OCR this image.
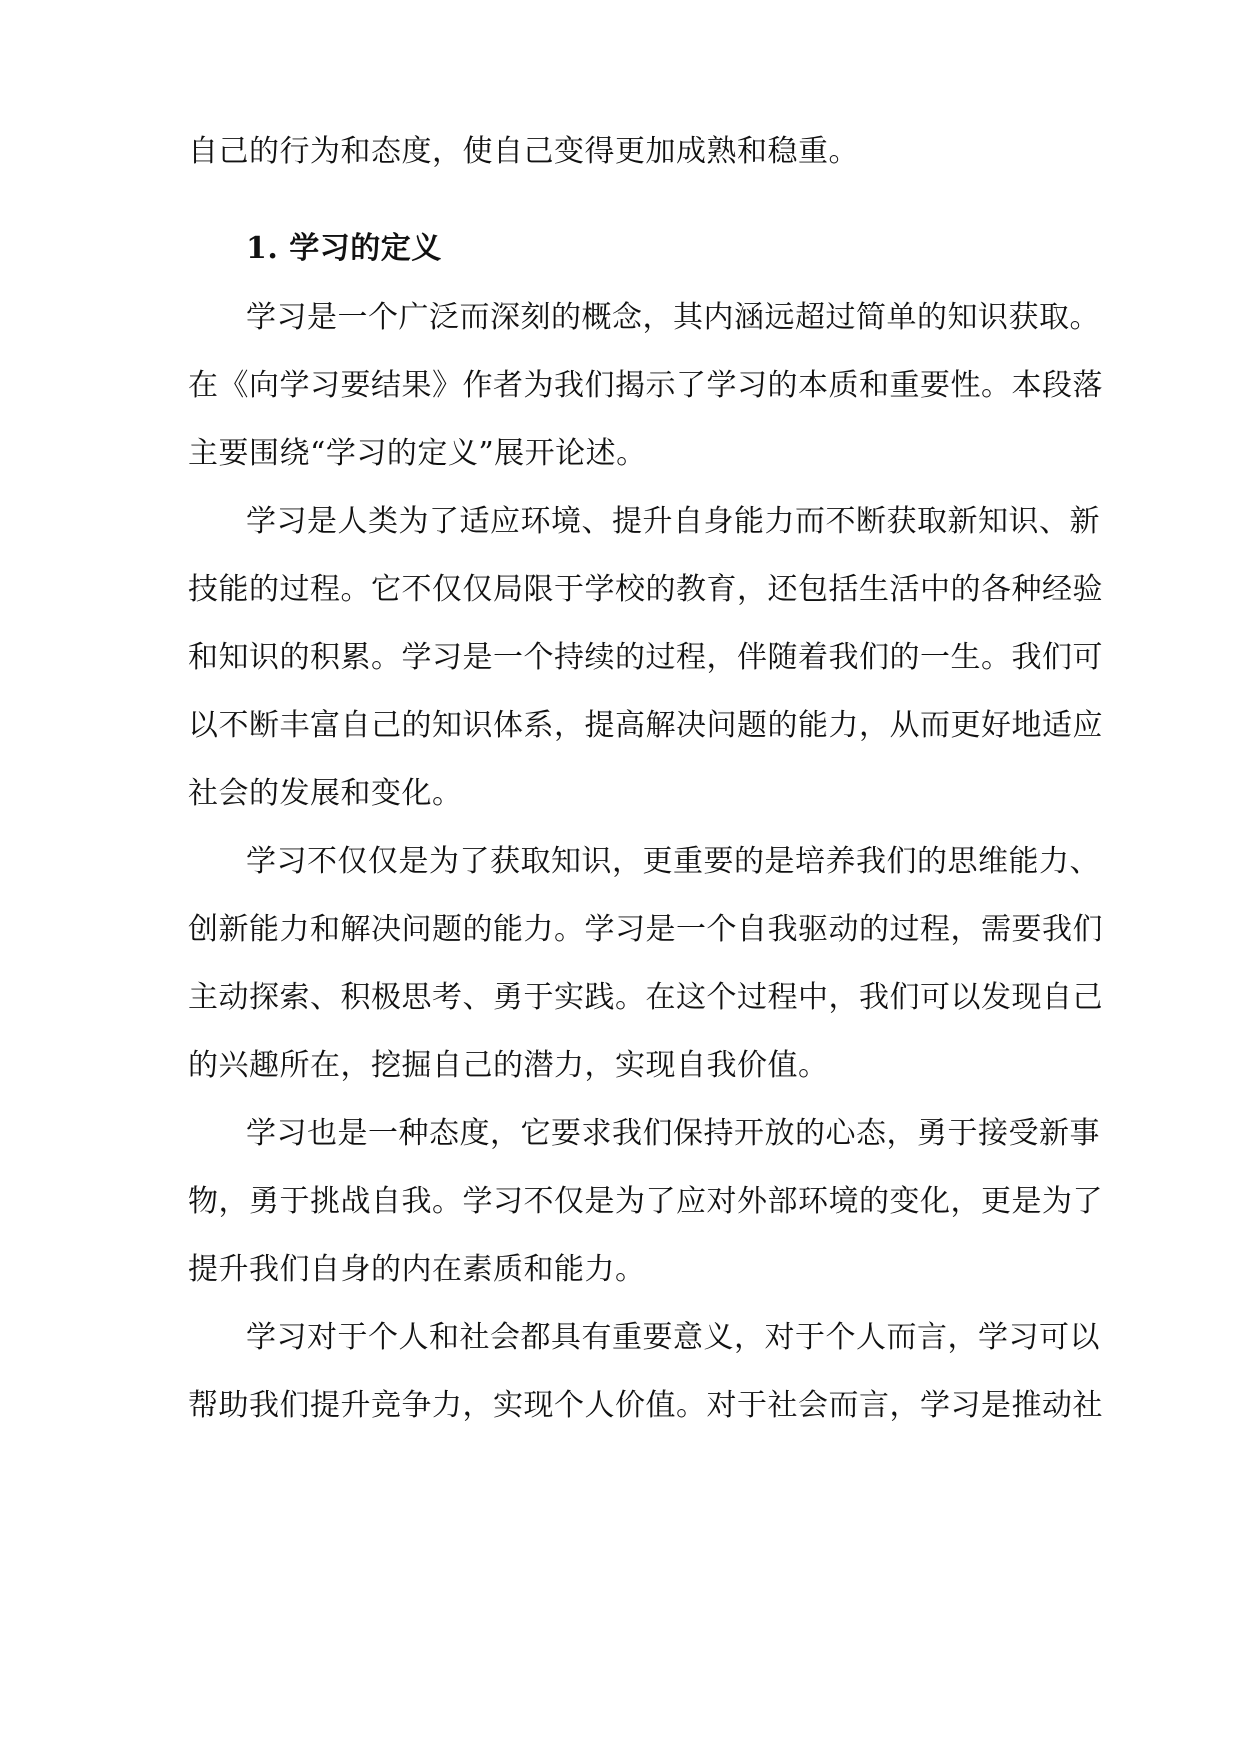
自己的行为和态度，使自己变得更加成熟和稳重。
1. 学习的定义
学习是一个广泛而深刻的概念，其内涵远超过简单的知识获取。
在《向学习要结果》作者为我们揭示了学习的本质和重要性。本段落
主要围绕“学习的定义”展开论述。
学习是人类为了适应环境、提升自身能力而不断获取新知识、新
技能的过程。它不仅仅局限于学校的教育，还包括生活中的各种经验
和知识的积累。学习是一个持续的过程，伴随着我们的一生。我们可
以不断丰富自己的知识体系，提高解决问题的能力，从而更好地适应
社会的发展和变化。
学习不仅仅是为了获取知识，更重要的是培养我们的思维能力、
创新能力和解决问题的能力。学习是一个自我驱动的过程，需要我们
主动探索、积极思考、勇于实践。在这个过程中，我们可以发现自己
的兴趣所在，挖掘自己的潜力，实现自我价值。
学习也是一种态度，它要求我们保持开放的心态，勇于接受新事
物，勇于挑战自我。学习不仅是为了应对外部环境的变化，更是为了
提升我们自身的内在素质和能力。
学习对于个人和社会都具有重要意义，对于个人而言，学习可以
帮助我们提升竞争力，实现个人价值。对于社会而言，学习是推动社
